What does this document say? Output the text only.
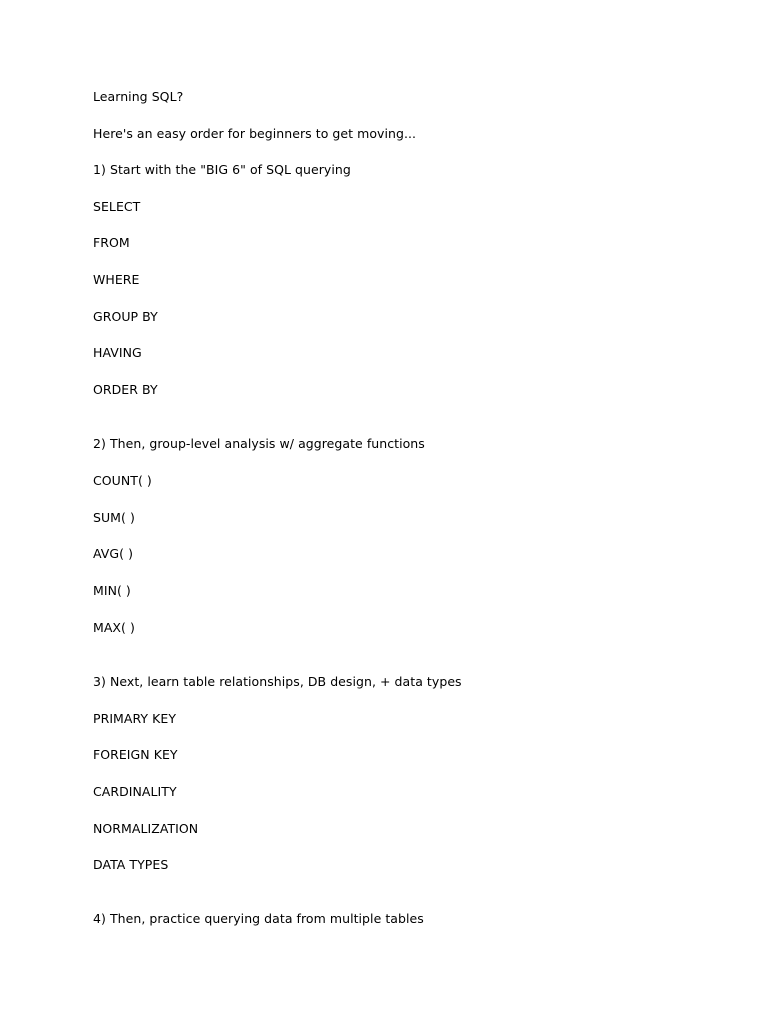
Learning SQL?
Here's an easy order for beginners to get moving...
1) Start with the "BIG 6" of SQL querying
SELECT
FROM
WHERE
GROUP BY
HAVING
ORDER BY
2) Then, group-level analysis w/ aggregate functions
COUNT( )
SUM( )
AVG( )
MIN( )
MAX( )
3) Next, learn table relationships, DB design, + data types
PRIMARY KEY
FOREIGN KEY
CARDINALITY
NORMALIZATION
DATA TYPES
4) Then, practice querying data from multiple tables
